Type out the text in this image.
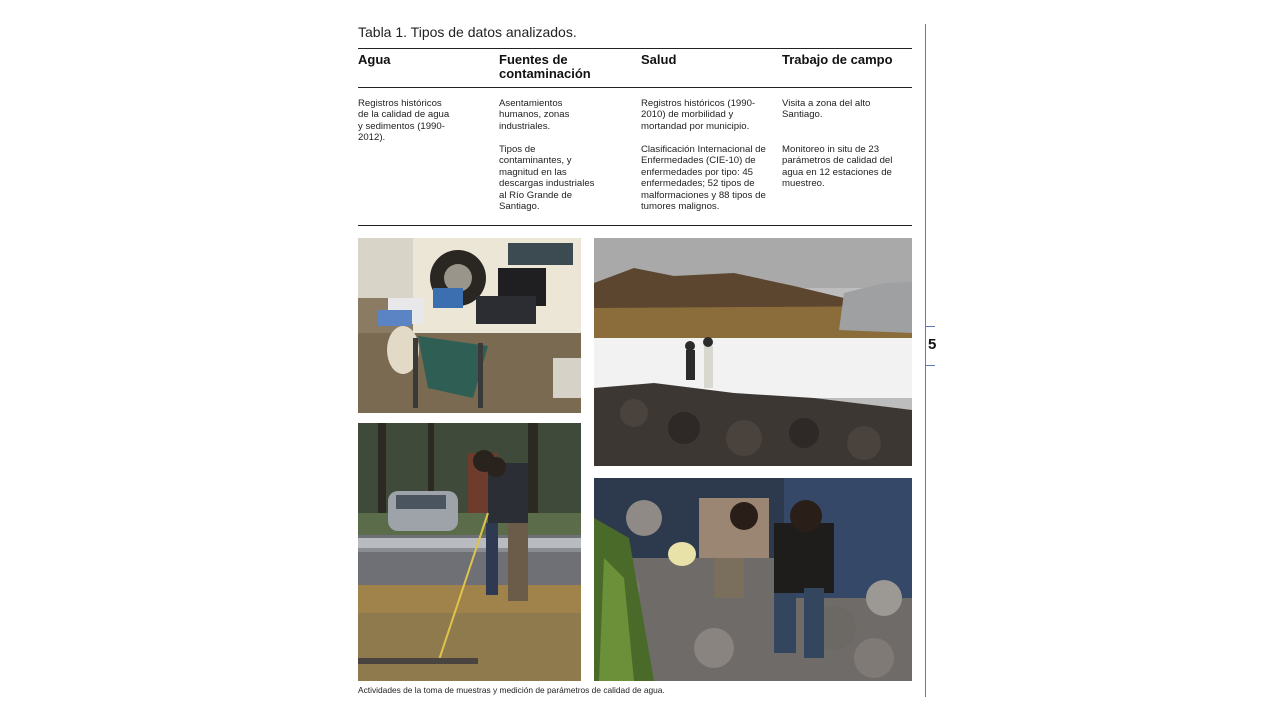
Tabla 1. Tipos de datos analizados.
Agua	Fuentes de contaminación
Salud	Trabajo de campo
Registros históricos de la calidad de agua y sedimentos (1990-2012).
Asentamientos humanos, zonas industriales.
Tipos de contaminantes, y magnitud en las descargas industriales al Río Grande de Santiago.
Registros históricos (1990-2010) de morbilidad y mortandad por municipio.
Clasificación Internacional de Enfermedades (CIE-10) de enfermedades por tipo: 45 enfermedades; 52 tipos de malformaciones y 88 tipos de tumores malignos.
Visita a zona del alto Santiago.
Monitoreo in situ de 23 parámetros de calidad del agua en 12 estaciones de muestreo.
Actividades de la toma de muestras y medición de parámetros de calidad de agua.
5
